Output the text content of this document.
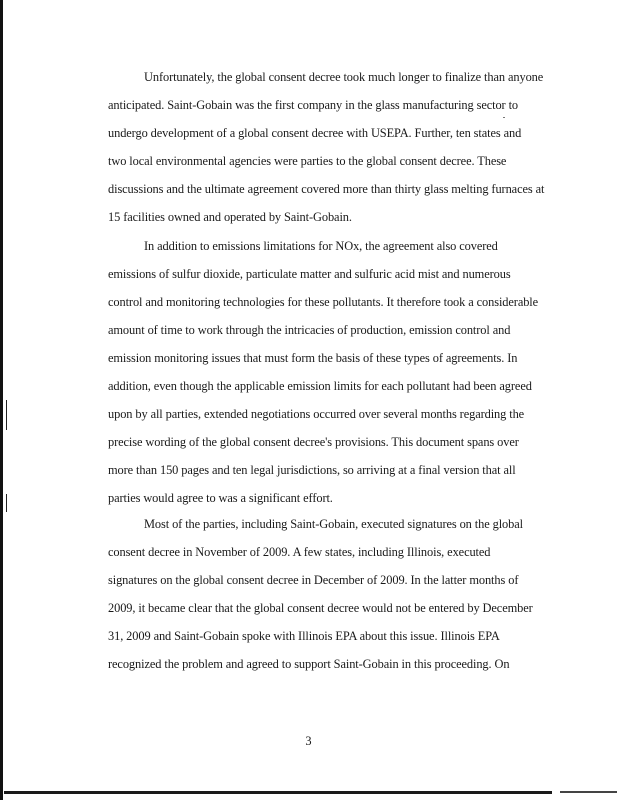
Unfortunately, the global consent decree took much longer to finalize than anyone
anticipated. Saint-Gobain was the first company in the glass manufacturing sector to
undergo development of a global consent decree with USEPA. Further, ten states and
two local environmental agencies were parties to the global consent decree. These
discussions and the ultimate agreement covered more than thirty glass melting furnaces at
15 facilities owned and operated by Saint-Gobain.
In addition to emissions limitations for NOx, the agreement also covered
emissions of sulfur dioxide, particulate matter and sulfuric acid mist and numerous
control and monitoring technologies for these pollutants. It therefore took a considerable
amount of time to work through the intricacies of production, emission control and
emission monitoring issues that must form the basis of these types of agreements. In
addition, even though the applicable emission limits for each pollutant had been agreed
upon by all parties, extended negotiations occurred over several months regarding the
precise wording of the global consent decree's provisions. This document spans over
more than 150 pages and ten legal jurisdictions, so arriving at a final version that all
parties would agree to was a significant effort.
Most of the parties, including Saint-Gobain, executed signatures on the global
consent decree in November of 2009. A few states, including Illinois, executed
signatures on the global consent decree in December of 2009. In the latter months of
2009, it became clear that the global consent decree would not be entered by December
31, 2009 and Saint-Gobain spoke with Illinois EPA about this issue. Illinois EPA
recognized the problem and agreed to support Saint-Gobain in this proceeding. On
3
